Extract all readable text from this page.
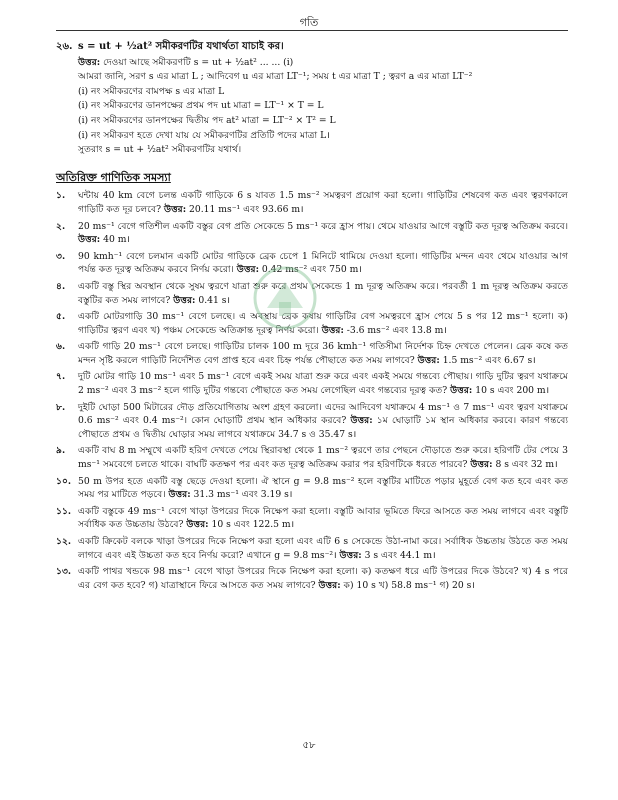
গতি
২৬. s = ut + ½at² সমীকরণটির যথার্থতা যাচাই কর।
উত্তর: দেওয়া আছে সমীকরণটি s = ut + ½at² ... ... (i)
আমরা জানি, সরণ s এর মাত্রা L ; আদিবেগ u এর মাত্রা LT⁻¹; সময় t এর মাত্রা T ; ত্বরণ a এর মাত্রা LT⁻²
(i) নং সমীকরণের বামপক্ষ s এর মাত্রা L
(i) নং সমীকরণের ডানপক্ষের প্রথম পদ ut মাত্রা = LT⁻¹ × T = L
(i) নং সমীকরণের ডানপক্ষের দ্বিতীয় পদ at² মাত্রা = LT⁻² × T² = L
(i) নং সমীকরণ হতে দেখা যায় যে সমীকরণটির প্রতিটি পদের মাত্রা L।
সুতরাং s = ut + ½at² সমীকরণটির যথার্থ।
অতিরিক্ত গাণিতিক সমস্যা
১.	ঘন্টায় 40 km বেগে চলন্ত একটি গাড়িকে 6 s যাবত 1.5 ms⁻² সমত্বরণ প্রয়োগ করা হলো। গাড়িটির শেষবেগ কত এবং ত্বরণকালে গাড়িটি কত দূর চলবে? উত্তর: 20.11 ms⁻¹ এবং 93.66 m।
২.	20 ms⁻¹ বেগে গতিশীল একটি বস্তুর বেগ প্রতি সেকেন্ডে 5 ms⁻¹ করে হ্রাস পায়। থেমে যাওয়ার আগে বস্তুটি কত দূরত্ব অতিক্রম করবে। উত্তর: 40 m।
৩.	90 kmh⁻¹ বেগে চলমান একটি মোটর গাড়িকে ব্রেক চেপে 1 মিনিটে থামিয়ে দেওয়া হলো। গাড়িটির মন্দন এবং থেমে যাওয়ার আগ পর্যন্ত কত দূরত্ব অতিক্রম করবে নির্ণয় করো। উত্তর: 0.42 ms⁻² এবং 750 m।
৪.	একটি বস্তু স্থির অবস্থান থেকে সুষম ত্বরণে যাত্রা শুরু করে প্রথম সেকেন্ডে 1 m দূরত্ব অতিক্রম করে। পরবর্তী 1 m দূরত্ব অতিক্রম করতে বস্তুটির কত সময় লাগবে? উত্তর: 0.41 s।
৫.	একটি মোটরগাড়ি 30 ms⁻¹ বেগে চলছে। এ অবস্থায় ব্রেক কষায় গাড়িটির বেগ সমত্বরণে হ্রাস পেয়ে 5 s পর 12 ms⁻¹ হলো। ক) গাড়িটির ত্বরণ এবং খ) পঞ্চম সেকেন্ডে অতিক্রান্ত দূরত্ব নির্ণয় করো। উত্তর: -3.6 ms⁻² এবং 13.8 m।
৬.	একটি গাড়ি 20 ms⁻¹ বেগে চলছে। গাড়িটির চালক 100 m দূরে 36 kmh⁻¹ গতিসীমা নির্দেশক চিহ্ন দেখতে পেলেন। ব্রেক কষে কত মন্দন সৃষ্টি করলে গাড়িটি নির্দেশিত বেগ প্রাপ্ত হবে এবং চিহ্ন পর্যন্ত পৌছাতে কত সময় লাগবে? উত্তর: 1.5 ms⁻² এবং 6.67 s।
৭.	দুটি মোটর গাড়ি 10 ms⁻¹ এবং 5 ms⁻¹ বেগে একই সময় যাত্রা শুরু করে এবং একই সময়ে গন্তব্যে পৌছায়। গাড়ি দুটির ত্বরণ যথাক্রমে 2 ms⁻² এবং 3 ms⁻² হলে গাড়ি দুটির গন্তব্যে পৌছাতে কত সময় লেগেছিল এবং গন্তব্যের দূরত্ব কত? উত্তর: 10 s এবং 200 m।
৮.	দুইটি ঘোড়া 500 মিটারের দৌড় প্রতিযোগিতায় অংশ গ্রহণ করলো। এদের আদিবেগ যথাক্রমে 4 ms⁻¹ ও 7 ms⁻¹ এবং ত্বরণ যথাক্রমে 0.6 ms⁻² এবং 0.4 ms⁻²। কোন ঘোড়াটি প্রথম স্থান অধিকার করবে? উত্তর: ১ম ঘোড়াটি ১ম স্থান অধিকার করবে। কারণ গন্তব্যে পৌছাতে প্রথম ও দ্বিতীয় ঘোড়ার সময় লাগবে যথাক্রমে 34.7 s ও 35.47 s।
৯.	একটি বাঘ 8 m সম্মুখে একটি হরিণ দেখতে পেয়ে স্থিরাবস্থা থেকে 1 ms⁻² ত্বরণে তার পেছনে দৌড়াতে শুরু করে। হরিণটি টের পেয়ে 3 ms⁻¹ সমবেগে চলতে থাকে। বাঘটি কতক্ষণ পর এবং কত দূরত্ব অতিক্রম করার পর হরিণটিকে ধরতে পারবে? উত্তর: 8 s এবং 32 m।
১০. 50 m উপর হতে একটি বস্তু ছেড়ে দেওয়া হলো। ঐ স্থানে g = 9.8 ms⁻² হলে বস্তুটির মাটিতে পড়ার মুহূর্তে বেগ কত হবে এবং কত সময় পর মাটিতে পড়বে। উত্তর: 31.3 ms⁻¹ এবং 3.19 s।
১১. একটি বস্তুকে 49 ms⁻¹ বেগে খাড়া উপরের দিকে নিক্ষেপ করা হলো। বস্তুটি আবার ভূমিতে ফিরে আসতে কত সময় লাগবে এবং বস্তুটি সর্বাধিক কত উচ্চতায় উঠবে? উত্তর: 10 s এবং 122.5 m।
১২. একটি ক্রিকেট বলকে খাড়া উপরের দিকে নিক্ষেপ করা হলো এবং এটি 6 s সেকেন্ডে উঠা-নামা করে। সর্বাধিক উচ্চতায় উঠতে কত সময় লাগবে এবং এই উচ্চতা কত হবে নির্ণয় করো? এখানে g = 9.8 ms⁻²। উত্তর: 3 s এবং 44.1 m।
১৩. একটি পাথর খন্ডকে 98 ms⁻¹ বেগে খাড়া উপরের দিকে নিক্ষেপ করা হলো। ক) কতক্ষণ ধরে এটি উপরের দিকে উঠবে? খ) 4 s পরে এর বেগ কত হবে? গ) যাত্রাস্থানে ফিরে আসতে কত সময় লাগবে? উত্তর: ক) 10 s খ) 58.8 ms⁻¹ গ) 20 s।
৫৮
